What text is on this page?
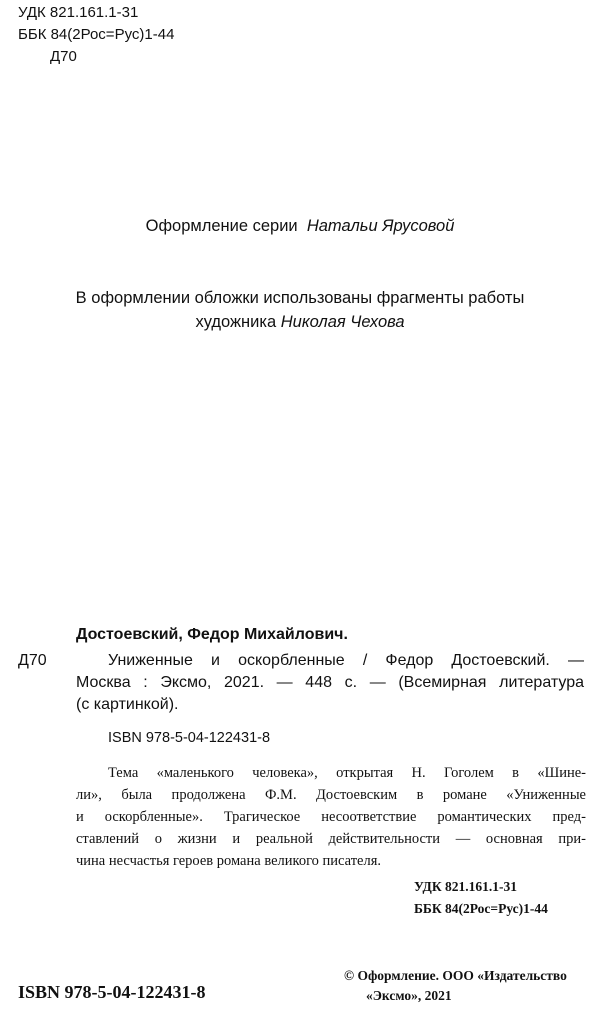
УДК 821.161.1-31
ББК 84(2Рос=Рус)1-44
Д70
Оформление серии Натальи Ярусовой
В оформлении обложки использованы фрагменты работы
художника Николая Чехова
Достоевский, Федор Михайлович.
Д70	Униженные и оскорбленные / Федор Достоевский. —
Москва : Эксмо, 2021. — 448 с. — (Всемирная литература
(с картинкой).
ISBN 978-5-04-122431-8
Тема «маленького человека», открытая Н. Гоголем в «Шине-
ли», была продолжена Ф.М. Достоевским в романе «Униженные
и оскорбленные». Трагическое несоответствие романтических пред-
ставлений о жизни и реальной действительности — основная при-
чина несчастья героев романа великого писателя.
УДК 821.161.1-31
ББК 84(2Рос=Рус)1-44
ISBN 978-5-04-122431-8
© Оформление. ООО «Издательство
«Эксмо», 2021
